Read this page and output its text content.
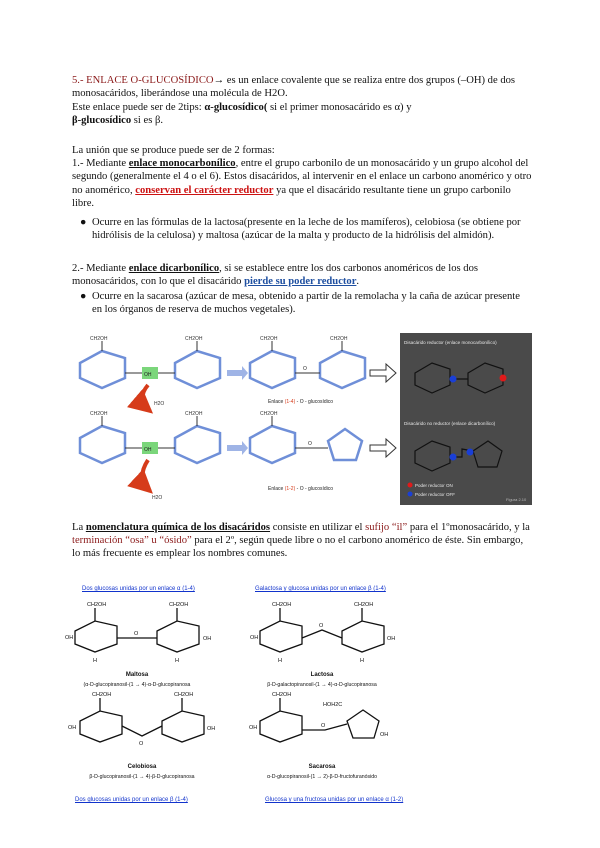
5.- ENLACE O-GLUCOSÍDICO→ es un enlace covalente que se realiza entre dos grupos (–OH) de dos monosacáridos, liberándose una molécula de H2O.
Este enlace puede ser de 2tips: α-glucosídico( si el primer monosacárido es α) y
β-glucosídico si es β.
La unión que se produce puede ser de 2 formas:
1.- Mediante enlace monocarbonílico, entre el grupo carbonilo de un monosacárido y un grupo alcohol del segundo (generalmente el 4 o el 6). Estos disacáridos, al intervenir en el enlace un carbono anomérico y otro no anomérico, conservan el carácter reductor ya que el disacárido resultante tiene un grupo carbonilo libre.
● Ocurre en las fórmulas de la lactosa(presente en la leche de los mamíferos), celobiosa (se obtiene por hidrólisis de la celulosa) y maltosa (azúcar de la malta y producto de la hidrólisis del almidón).
2.- Mediante enlace dicarbonílico, si se establece entre los dos carbonos anoméricos de los dos monosacáridos, con lo que el disacárido pierde su poder reductor.
● Ocurre en la sacarosa (azúcar de mesa, obtenido a partir de la remolacha y la caña de azúcar presente en los órganos de reserva de muchos vegetales).
CH2OH	CH2OH	CH2OH	CH2OH
CH2OH	CH2OH	CH2OH
OH
OH
O
O
H2O
H2O
Enlace (1-4) - O - glucosídico
Enlace (1-2) - O - glucosídico
Disacárido reductor (enlace monocarbonílico)
Disacárido no reductor (enlace dicarbonílico)
Poder reductor ON
Poder reductor OFF
Figura 2.10
La nomenclatura química de los disacáridos consiste en utilizar el sufijo “il” para el 1ºmonosacárido, y la terminación “osa” u “ósido” para el 2º, según quede libre o no el carbono anomérico de éste. Sin embargo, lo más frecuente es emplear los nombres comunes.
Dos glucosas unidas por un enlace α (1-4)	Galactosa y glucosa unidas por un enlace β (1-4)
Dos glucosas unidas por un enlace β (1-4)	Glucosa y una fructosa unidas por un enlace α (1-2)
CH2OH	CH2OH	CH2OH	CH2OH
CH2OH	CH2OH	CH2OH
HOH2C
O
O
O
O
OH	OH	OH	OH
OH	OH	OH
OH
H	H	H	H
Maltosa
(α-D-glucopiranosil-(1 → 4)-α-D-glucopiranosa
Lactosa
β-D-galactopiranosil-(1 → 4)-α-D-glucopiranosa
Celobiosa
β-D-glucopiranosil-(1 → 4)-β-D-glucopiranosa
Sacarosa
α-D-glucopiranosil-(1 → 2)-β-D-fructofuranósido
